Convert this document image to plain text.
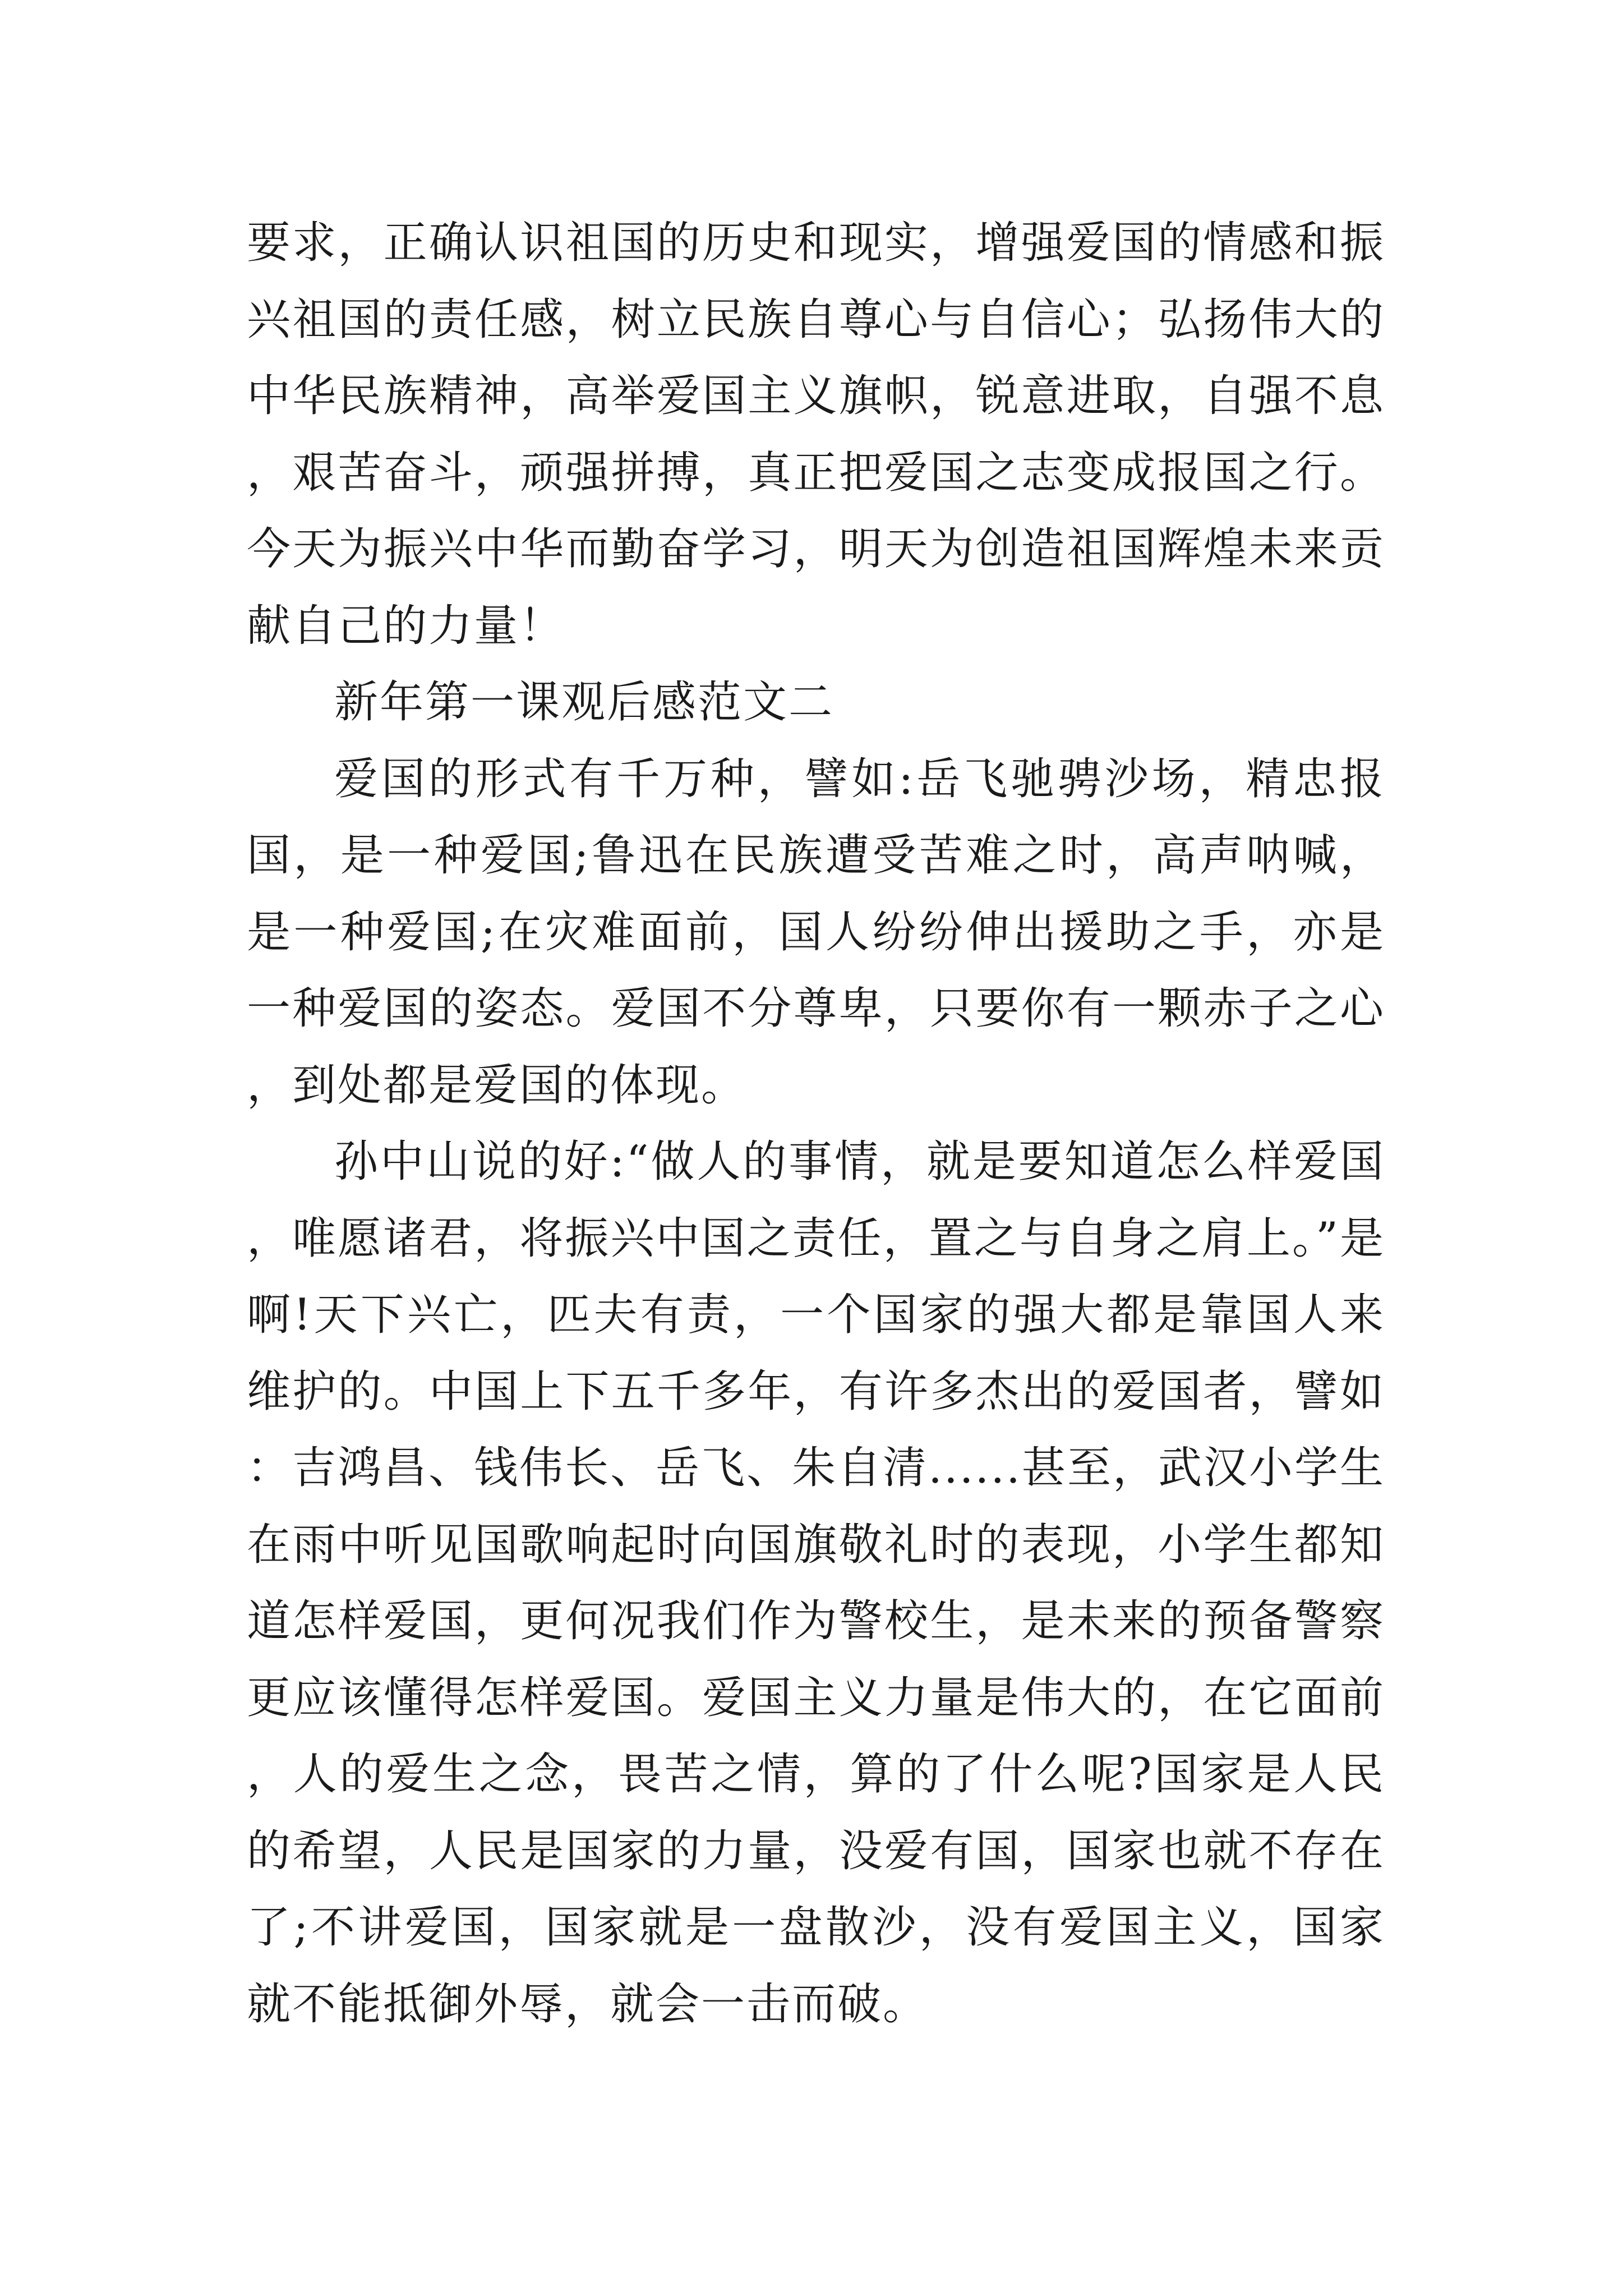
要求，正确认识祖国的历史和现实，增强爱国的情感和振兴祖国的责任感，树立民族自尊心与自信心；弘扬伟大的中华民族精神，高举爱国主义旗帜，锐意进取，自强不息，艰苦奋斗，顽强拼搏，真正把爱国之志变成报国之行。今天为振兴中华而勤奋学习，明天为创造祖国辉煌未来贡献自己的力量！

新年第一课观后感范文二

爱国的形式有千万种，譬如:岳飞驰骋沙场，精忠报国，是一种爱国;鲁迅在民族遭受苦难之时，高声呐喊，是一种爱国;在灾难面前，国人纷纷伸出援助之手，亦是一种爱国的姿态。爱国不分尊卑，只要你有一颗赤子之心，到处都是爱国的体现。

孙中山说的好:“做人的事情，就是要知道怎么样爱国，唯愿诸君，将振兴中国之责任，置之与自身之肩上。”是啊!天下兴亡，匹夫有责，一个国家的强大都是靠国人来维护的。中国上下五千多年，有许多杰出的爱国者，譬如：吉鸿昌、钱伟长、岳飞、朱自清......甚至，武汉小学生在雨中听见国歌响起时向国旗敬礼时的表现，小学生都知道怎样爱国，更何况我们作为警校生，是未来的预备警察更应该懂得怎样爱国。爱国主义力量是伟大的，在它面前，人的爱生之念，畏苦之情，算的了什么呢?国家是人民的希望，人民是国家的力量，没爱有国，国家也就不存在了;不讲爱国，国家就是一盘散沙，没有爱国主义，国家就不能抵御外辱，就会一击而破。
